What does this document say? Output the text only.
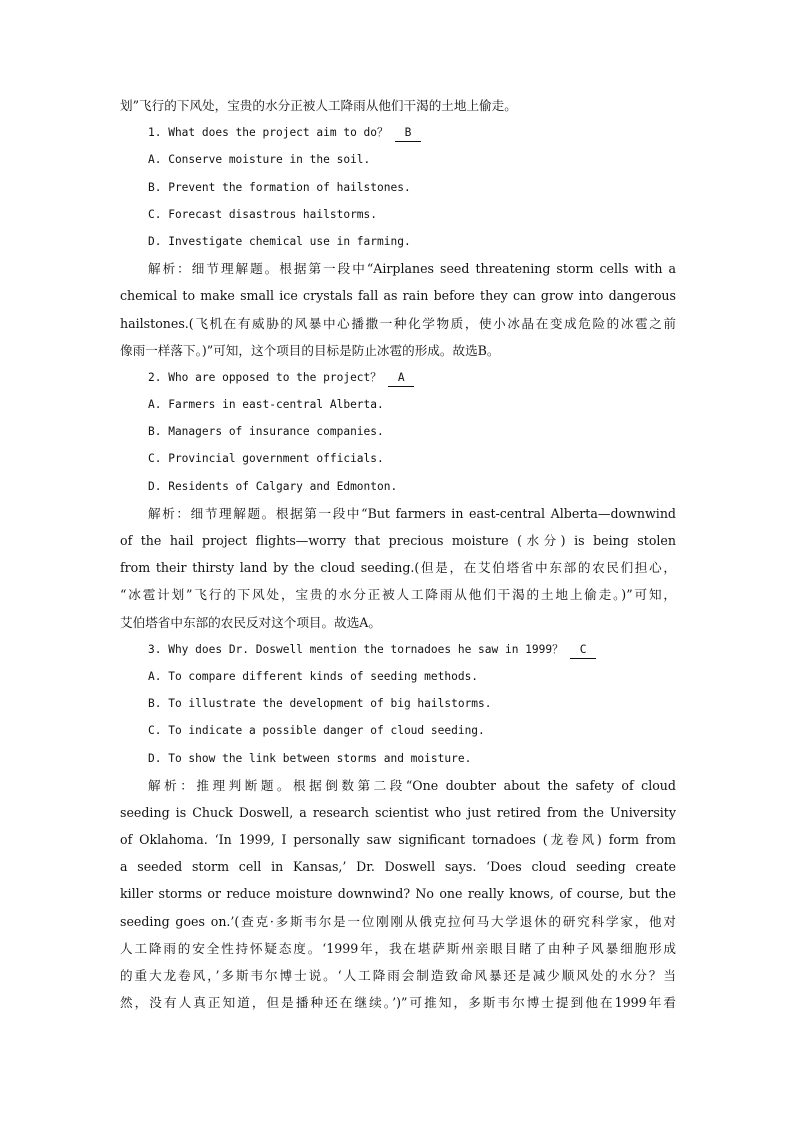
划”飞行的下风处，宝贵的水分正被人工降雨从他们干渴的土地上偷走。
1. What does the project aim to do？ B
A. Conserve moisture in the soil.
B. Prevent the formation of hailstones.
C. Forecast disastrous hailstorms.
D. Investigate chemical use in farming.
解析：细节理解题。根据第一段中“Airplanes seed threatening storm cells with a
chemical to make small ice crystals fall as rain before they can grow into dangerous
hailstones.(飞机在有威胁的风暴中心播撒一种化学物质，使小冰晶在变成危险的冰雹之前
像雨一样落下。)”可知，这个项目的目标是防止冰雹的形成。故选B。
2. Who are opposed to the project？ A
A. Farmers in east-central Alberta.
B. Managers of insurance companies.
C. Provincial government officials.
D. Residents of Calgary and Edmonton.
解析：细节理解题。根据第一段中“But farmers in east-central Alberta—downwind
of the hail project flights—worry that precious moisture (水分) is being stolen
from their thirsty land by the cloud seeding.(但是，在艾伯塔省中东部的农民们担心，
“冰雹计划”飞行的下风处，宝贵的水分正被人工降雨从他们干渴的土地上偷走。)”可知，
艾伯塔省中东部的农民反对这个项目。故选A。
3. Why does Dr. Doswell mention the tornadoes he saw in 1999？ C
A. To compare different kinds of seeding methods.
B. To illustrate the development of big hailstorms.
C. To indicate a possible danger of cloud seeding.
D. To show the link between storms and moisture.
解析：推理判断题。根据倒数第二段“One doubter about the safety of cloud
seeding is Chuck Doswell, a research scientist who just retired from the University
of Oklahoma. ‘In 1999, I personally saw significant tornadoes (龙卷风) form from
a seeded storm cell in Kansas,’ Dr. Doswell says. ‘Does cloud seeding create
killer storms or reduce moisture downwind? No one really knows, of course, but the
seeding goes on.’(查克·多斯韦尔是一位刚刚从俄克拉何马大学退休的研究科学家，他对
人工降雨的安全性持怀疑态度。‘1999年，我在堪萨斯州亲眼目睹了由种子风暴细胞形成
的重大龙卷风，’多斯韦尔博士说。‘人工降雨会制造致命风暴还是减少顺风处的水分？当
然，没有人真正知道，但是播种还在继续。’)”可推知，多斯韦尔博士提到他在1999年看
